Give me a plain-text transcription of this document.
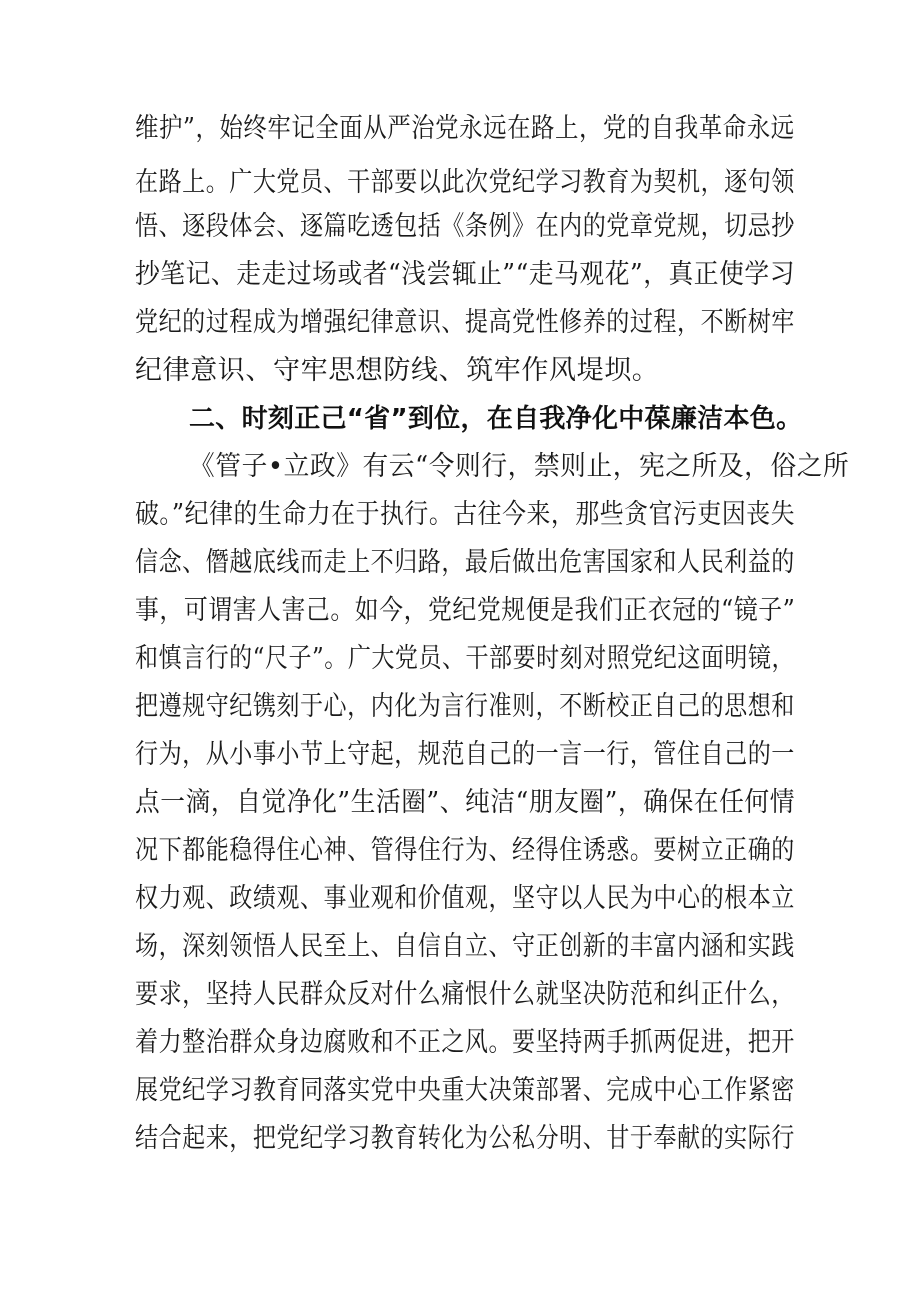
维护”，始终牢记全面从严治党永远在路上，党的自我革命永远
在路上。广大党员、干部要以此次党纪学习教育为契机，逐句领
悟、逐段体会、逐篇吃透包括《条例》在内的党章党规，切忌抄
抄笔记、走走过场或者“浅尝辄止”“走马观花”，真正使学习
党纪的过程成为增强纪律意识、提高党性修养的过程，不断树牢
纪律意识、守牢思想防线、筑牢作风堤坝。
二、时刻正己“省”到位，在自我净化中葆廉洁本色。
《管子•立政》有云“令则行，禁则止，宪之所及，俗之所
破。”纪律的生命力在于执行。古往今来，那些贪官污吏因丧失
信念、僭越底线而走上不归路，最后做出危害国家和人民利益的
事，可谓害人害己。如今，党纪党规便是我们正衣冠的“镜子”
和慎言行的“尺子”。广大党员、干部要时刻对照党纪这面明镜，
把遵规守纪镌刻于心，内化为言行准则，不断校正自己的思想和
行为，从小事小节上守起，规范自己的一言一行，管住自己的一
点一滴，自觉净化”生活圈”、纯洁“朋友圈”，确保在任何情
况下都能稳得住心神、管得住行为、经得住诱惑。要树立正确的
权力观、政绩观、事业观和价值观，坚守以人民为中心的根本立
场，深刻领悟人民至上、自信自立、守正创新的丰富内涵和实践
要求，坚持人民群众反对什么痛恨什么就坚决防范和纠正什么，
着力整治群众身边腐败和不正之风。要坚持两手抓两促进，把开
展党纪学习教育同落实党中央重大决策部署、完成中心工作紧密
结合起来，把党纪学习教育转化为公私分明、甘于奉献的实际行
